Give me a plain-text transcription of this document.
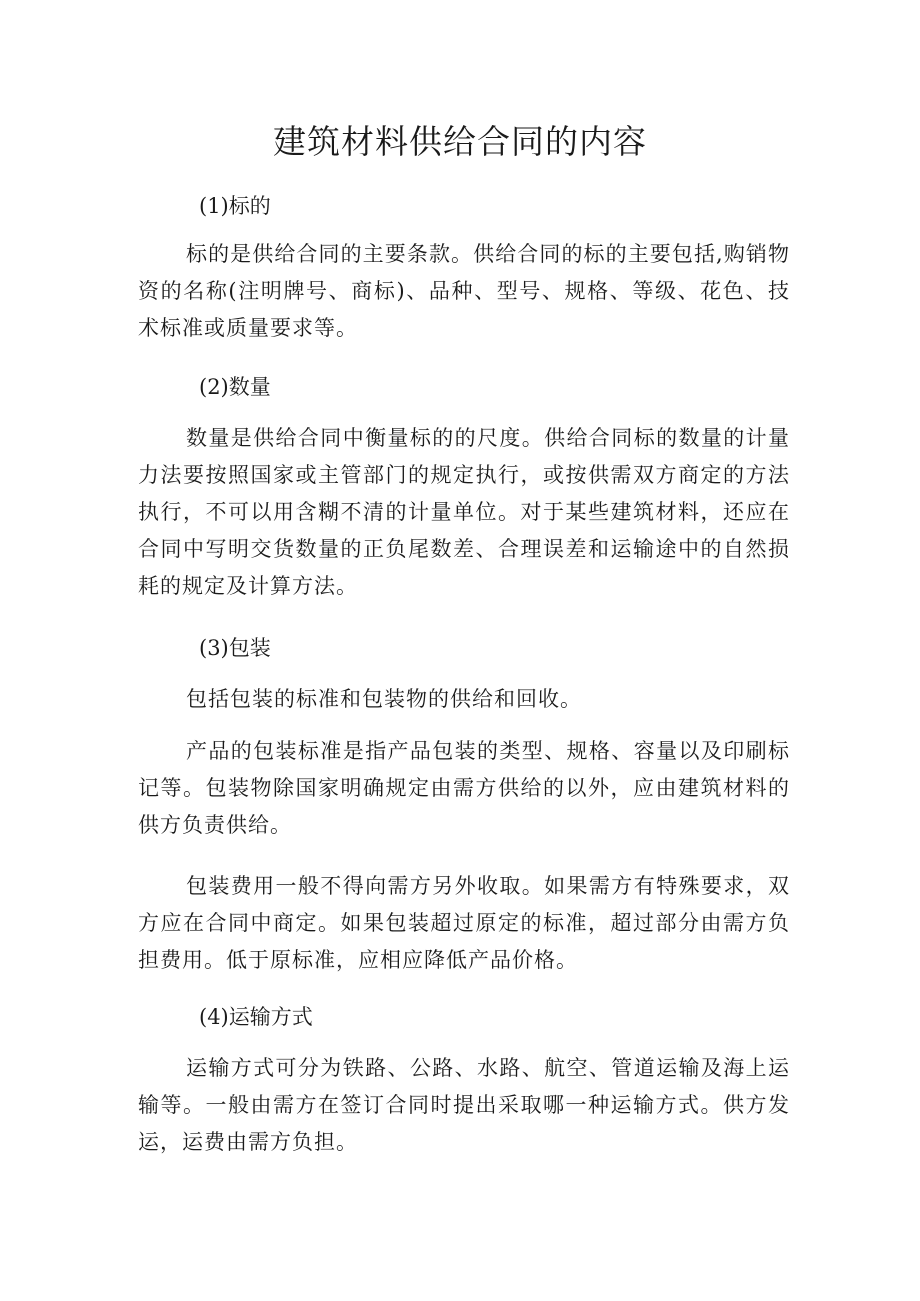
建筑材料供给合同的内容
(1)标的

标的是供给合同的主要条款。供给合同的标的主要包括,购销物资的名称(注明牌号、商标)、品种、型号、规格、等级、花色、技术标准或质量要求等。

(2)数量

数量是供给合同中衡量标的的尺度。供给合同标的数量的计量力法要按照国家或主管部门的规定执行，或按供需双方商定的方法执行，不可以用含糊不清的计量单位。对于某些建筑材料，还应在合同中写明交货数量的正负尾数差、合理误差和运输途中的自然损耗的规定及计算方法。

(3)包装

包括包装的标准和包装物的供给和回收。

产品的包装标准是指产品包装的类型、规格、容量以及印刷标记等。包装物除国家明确规定由需方供给的以外，应由建筑材料的供方负责供给。

包装费用一般不得向需方另外收取。如果需方有特殊要求，双方应在合同中商定。如果包装超过原定的标准，超过部分由需方负担费用。低于原标准，应相应降低产品价格。

(4)运输方式

运输方式可分为铁路、公路、水路、航空、管道运输及海上运输等。一般由需方在签订合同时提出采取哪一种运输方式。供方发运，运费由需方负担。
